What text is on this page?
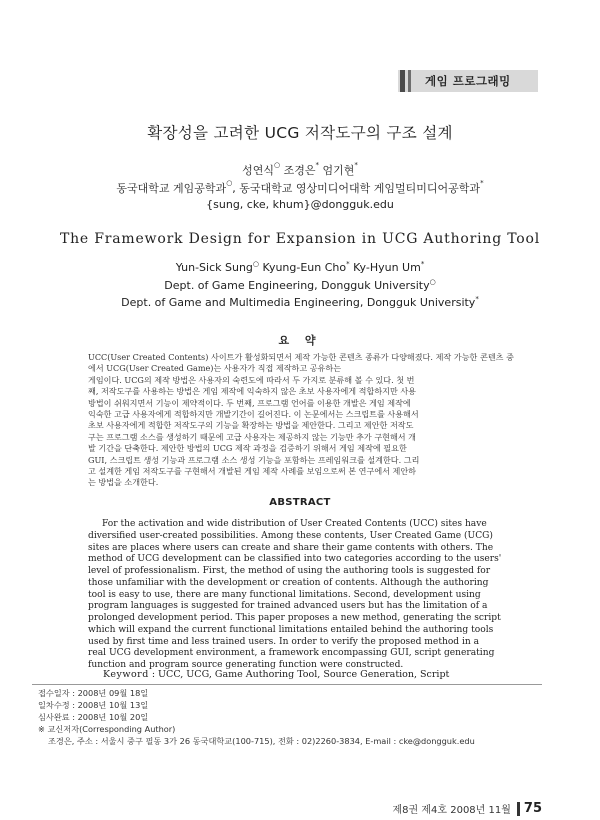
게임 프로그래밍
확장성을 고려한 UCG 저작도구의 구조 설계
성연식○ 조경은* 엄기현*
동국대학교 게임공학과○, 동국대학교 영상미디어대학 게임멀티미디어공학과*
{sung, cke, khum}@dongguk.edu
The Framework Design for Expansion in UCG Authoring Tool
Yun-Sick Sung○ Kyung-Eun Cho* Ky-Hyun Um*
Dept. of Game Engineering, Dongguk University○
Dept. of Game and Multimedia Engineering, Dongguk University*
요 약
UCC(User Created Contents) 사이트가 활성화되면서 제작 가능한 콘텐츠 종류가 다양해졌다. 제작 가능한 콘텐츠 중에서 UCG(User Created Game)는 사용자가 직접 제작하고 공유하는
게임이다. UCG의 제작 방법은 사용자의 숙련도에 따라서 두 가지로 분류해 볼 수 있다. 첫 번
째, 저작도구를 사용하는 방법은 게임 제작에 익숙하지 않은 초보 사용자에게 적합하지만 사용
방법이 쉬워지면서 기능이 제약적이다. 두 번째, 프로그램 언어를 이용한 개발은 게임 제작에
익숙한 고급 사용자에게 적합하지만 개발기간이 길어진다. 이 논문에서는 스크립트를 사용해서
초보 사용자에게 적합한 저작도구의 기능을 확장하는 방법을 제안한다. 그리고 제안한 저작도
구는 프로그램 소스를 생성하기 때문에 고급 사용자는 제공하지 않는 기능만 추가 구현해서 개
발 기간을 단축한다. 제안한 방법의 UCG 제작 과정을 검증하기 위해서 게임 제작에 필요한
GUI, 스크립트 생성 기능과 프로그램 소스 생성 기능을 포함하는 프레임워크를 설계한다. 그리
고 설계한 게임 저작도구를 구현해서 개발된 게임 제작 사례를 보임으로써 본 연구에서 제안하
는 방법을 소개한다.
ABSTRACT
For the activation and wide distribution of User Created Contents (UCC) sites have
diversified user-created possibilities. Among these contents, User Created Game (UCG)
sites are places where users can create and share their game contents with others. The
method of UCG development can be classified into two categories according to the users'
level of professionalism. First, the method of using the authoring tools is suggested for
those unfamiliar with the development or creation of contents. Although the authoring
tool is easy to use, there are many functional limitations. Second, development using
program languages is suggested for trained advanced users but has the limitation of a
prolonged development period. This paper proposes a new method, generating the script
which will expand the current functional limitations entailed behind the authoring tools
used by first time and less trained users. In order to verify the proposed method in a
real UCG development environment, a framework encompassing GUI, script generating
function and program source generating function were constructed.
Keyword : UCC, UCG, Game Authoring Tool, Source Generation, Script
접수일자 : 2008년 09월 18일
일차수정 : 2008년 10월 13일
심사완료 : 2008년 10월 20일
※ 교신저자(Corresponding Author)
조경은, 주소 : 서울시 중구 필동 3가 26 동국대학교(100-715), 전화 : 02)2260-3834, E-mail : cke@dongguk.edu
제8권 제4호 2008년 11월 75
